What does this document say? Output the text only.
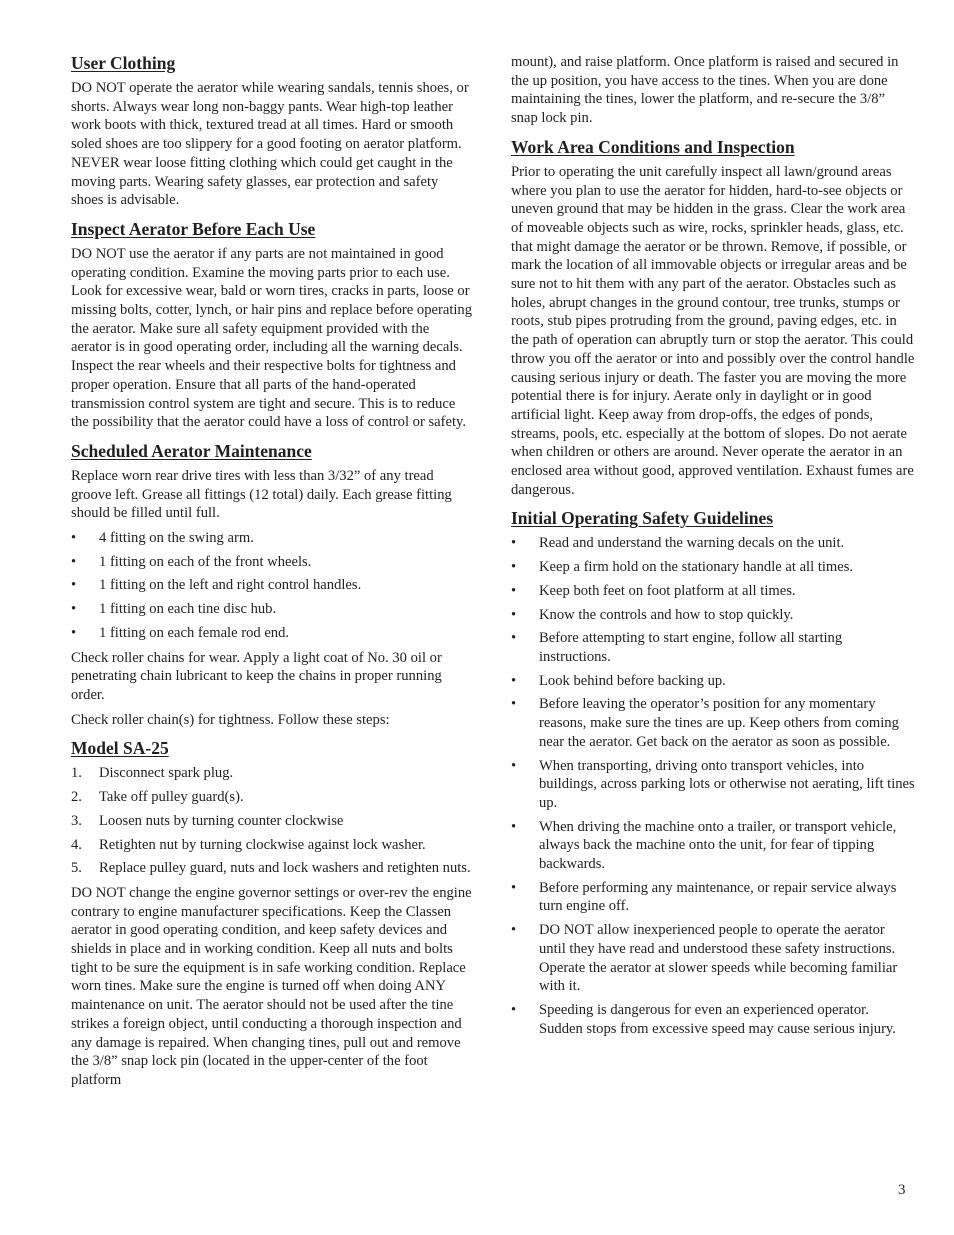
User Clothing

DO NOT operate the aerator while wearing sandals, tennis shoes, or shorts. Always wear long non-baggy pants. Wear high-top leather work boots with thick, textured tread at all times. Hard or smooth soled shoes are too slippery for a good footing on aerator platform. NEVER wear loose fitting clothing which could get caught in the moving parts. Wearing safety glasses, ear protection and safety shoes is advisable.

Inspect Aerator Before Each Use

DO NOT use the aerator if any parts are not maintained in good operating condition. Examine the moving parts prior to each use. Look for excessive wear, bald or worn tires, cracks in parts, loose or missing bolts, cotter, lynch, or hair pins and replace before operating the aerator. Make sure all safety equipment provided with the aerator is in good operating order, including all the warning decals. Inspect the rear wheels and their respective bolts for tightness and proper operation. Ensure that all parts of the hand-operated transmission control system are tight and secure. This is to reduce the possibility that the aerator could have a loss of control or safety.

Scheduled Aerator Maintenance

Replace worn rear drive tires with less than 3/32” of any tread groove left. Grease all fittings (12 total) daily. Each grease fitting should be filled until full.

• 4 fitting on the swing arm.
• 1 fitting on each of the front wheels.
• 1 fitting on the left and right control handles.
• 1 fitting on each tine disc hub.
• 1 fitting on each female rod end.

Check roller chains for wear. Apply a light coat of No. 30 oil or penetrating chain lubricant to keep the chains in proper running order.

Check roller chain(s) for tightness. Follow these steps:

Model SA-25
1. Disconnect spark plug.
2. Take off pulley guard(s).
3. Loosen nuts by turning counter clockwise
4. Retighten nut by turning clockwise against lock washer.
5. Replace pulley guard, nuts and lock washers and retighten nuts.

DO NOT change the engine governor settings or over-rev the engine contrary to engine manufacturer specifications. Keep the Classen aerator in good operating condition, and keep safety devices and shields in place and in working condition. Keep all nuts and bolts tight to be sure the equipment is in safe working condition. Replace worn tines. Make sure the engine is turned off when doing ANY maintenance on unit. The aerator should not be used after the tine strikes a foreign object, until conducting a thorough inspection and any damage is repaired. When changing tines, pull out and remove the 3/8” snap lock pin (located in the upper-center of the foot platform

mount), and raise platform. Once platform is raised and secured in the up position, you have access to the tines. When you are done maintaining the tines, lower the platform, and re-secure the 3/8” snap lock pin.

Work Area Conditions and Inspection

Prior to operating the unit carefully inspect all lawn/ground areas where you plan to use the aerator for hidden, hard-to-see objects or uneven ground that may be hidden in the grass. Clear the work area of moveable objects such as wire, rocks, sprinkler heads, glass, etc. that might damage the aerator or be thrown. Remove, if possible, or mark the location of all immovable objects or irregular areas and be sure not to hit them with any part of the aerator. Obstacles such as holes, abrupt changes in the ground contour, tree trunks, stumps or roots, stub pipes protruding from the ground, paving edges, etc. in the path of operation can abruptly turn or stop the aerator. This could throw you off the aerator or into and possibly over the control handle causing serious injury or death. The faster you are moving the more potential there is for injury. Aerate only in daylight or in good artificial light. Keep away from drop-offs, the edges of ponds, streams, pools, etc. especially at the bottom of slopes. Do not aerate when children or others are around. Never operate the aerator in an enclosed area without good, approved ventilation. Exhaust fumes are dangerous.

Initial Operating Safety Guidelines
• Read and understand the warning decals on the unit.
• Keep a firm hold on the stationary handle at all times.
• Keep both feet on foot platform at all times.
• Know the controls and how to stop quickly.
• Before attempting to start engine, follow all starting instructions.
• Look behind before backing up.
• Before leaving the operator’s position for any momentary reasons, make sure the tines are up. Keep others from coming near the aerator. Get back on the aerator as soon as possible.
• When transporting, driving onto transport vehicles, into buildings, across parking lots or otherwise not aerating, lift tines up.
• When driving the machine onto a trailer, or transport vehicle, always back the machine onto the unit, for fear of tipping backwards.
• Before performing any maintenance, or repair service always turn engine off.
• DO NOT allow inexperienced people to operate the aerator until they have read and understood these safety instructions. Operate the aerator at slower speeds while becoming familiar with it.
• Speeding is dangerous for even an experienced operator. Sudden stops from excessive speed may cause serious injury.
3
